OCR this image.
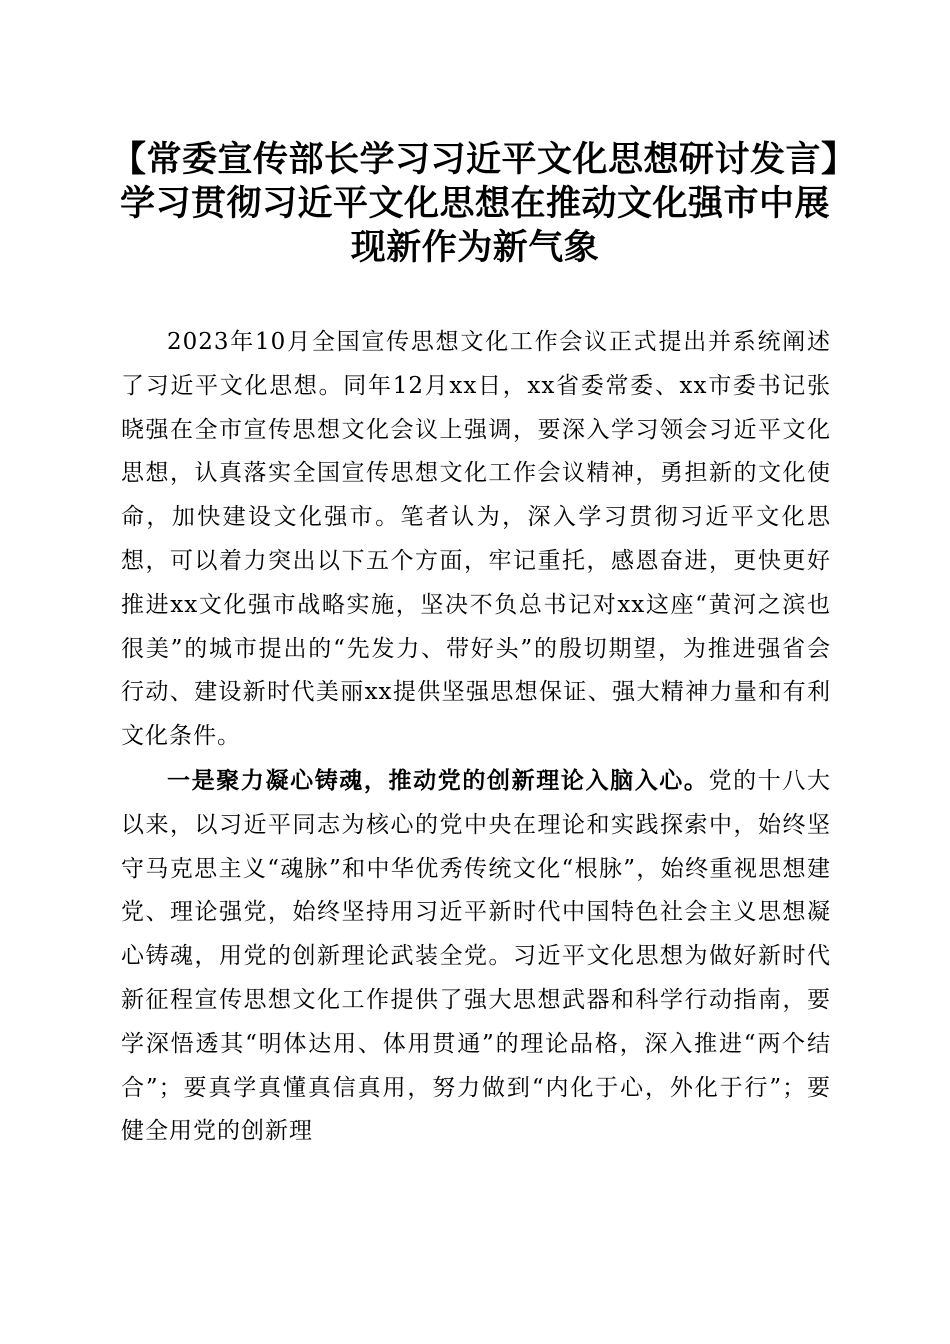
【常委宣传部长学习习近平文化思想研讨发言】学习贯彻习近平文化思想在推动文化强市中展现新作为新气象

2023年10月全国宣传思想文化工作会议正式提出并系统阐述了习近平文化思想。同年12月xx日，xx省委常委、xx市委书记张晓强在全市宣传思想文化会议上强调，要深入学习领会习近平文化思想，认真落实全国宣传思想文化工作会议精神，勇担新的文化使命，加快建设文化强市。笔者认为，深入学习贯彻习近平文化思想，可以着力突出以下五个方面，牢记重托，感恩奋进，更快更好推进xx文化强市战略实施，坚决不负总书记对xx这座“黄河之滨也很美”的城市提出的“先发力、带好头”的殷切期望，为推进强省会行动、建设新时代美丽xx提供坚强思想保证、强大精神力量和有利文化条件。

一是聚力凝心铸魂，推动党的创新理论入脑入心。党的十八大以来，以习近平同志为核心的党中央在理论和实践探索中，始终坚守马克思主义“魂脉”和中华优秀传统文化“根脉”，始终重视思想建党、理论强党，始终坚持用习近平新时代中国特色社会主义思想凝心铸魂，用党的创新理论武装全党。习近平文化思想为做好新时代新征程宣传思想文化工作提供了强大思想武器和科学行动指南，要学深悟透其“明体达用、体用贯通”的理论品格，深入推进“两个结合”；要真学真懂真信真用，努力做到“内化于心，外化于行”；要健全用党的创新理
